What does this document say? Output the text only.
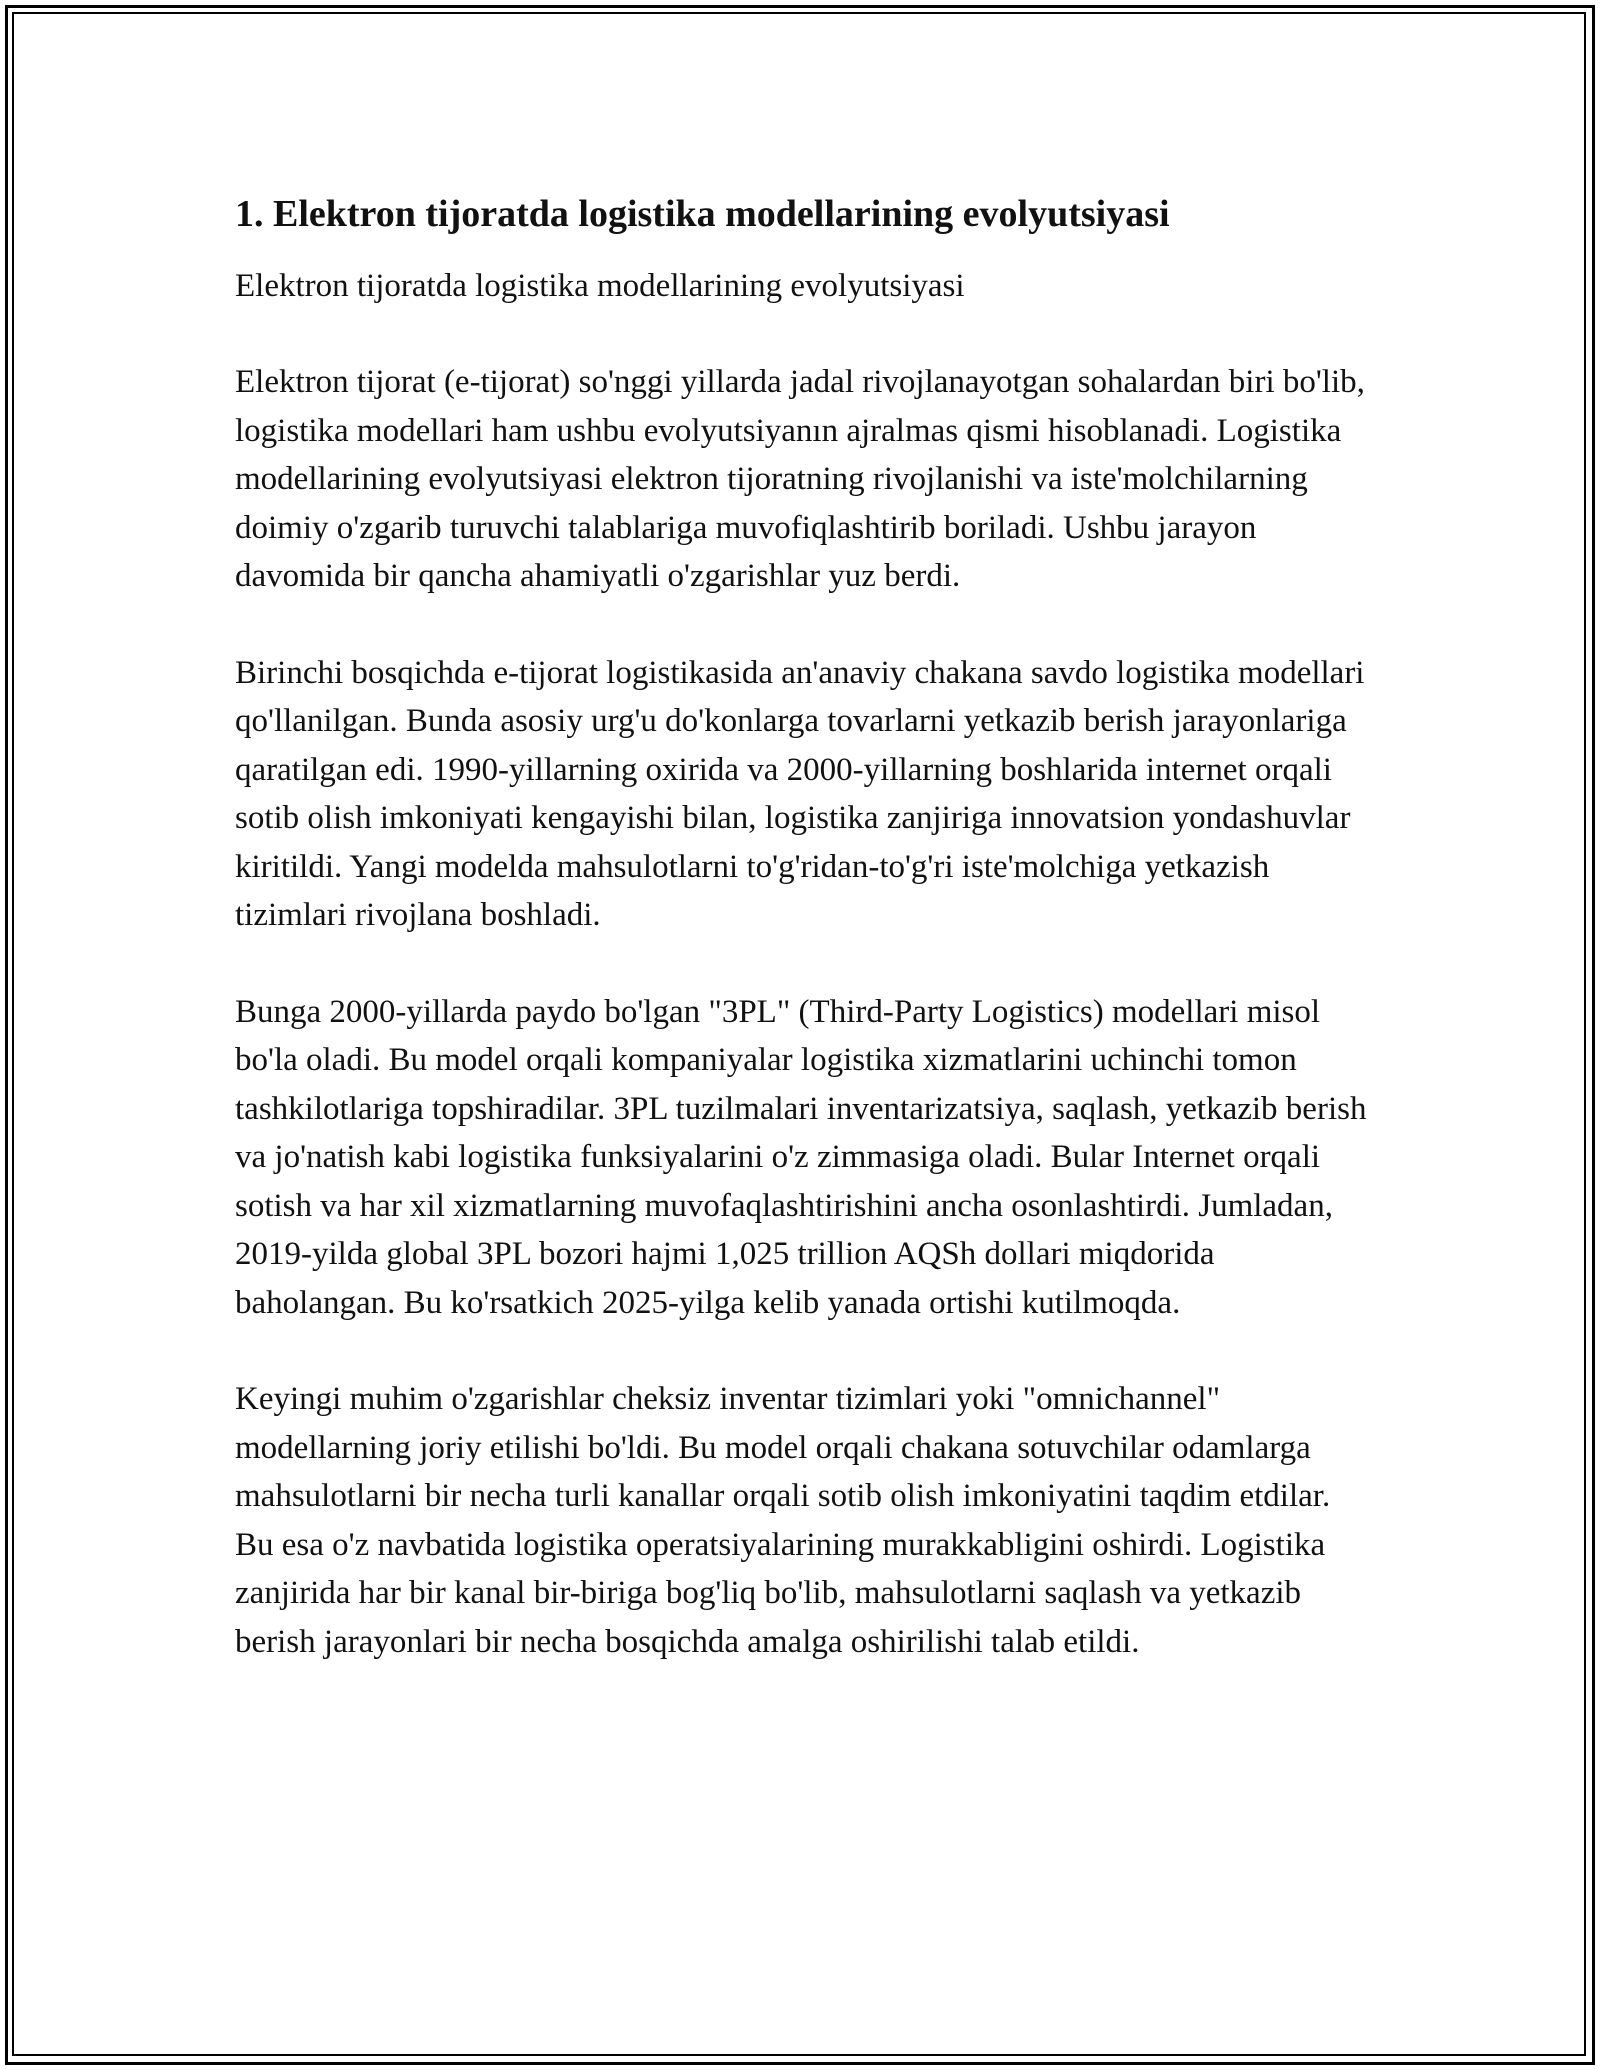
1. Elektron tijoratda logistika modellarining evolyutsiyasi

Elektron tijoratda logistika modellarining evolyutsiyasi

Elektron tijorat (e-tijorat) so'nggi yillarda jadal rivojlanayotgan sohalardan biri bo'lib, logistika modellari ham ushbu evolyutsiyanın ajralmas qismi hisoblanadi. Logistika modellarining evolyutsiyasi elektron tijoratning rivojlanishi va iste'molchilarning doimiy o'zgarib turuvchi talablariga muvofiqlashtirib boriladi. Ushbu jarayon davomida bir qancha ahamiyatli o'zgarishlar yuz berdi.

Birinchi bosqichda e-tijorat logistikasida an'anaviy chakana savdo logistika modellari qo'llanilgan. Bunda asosiy urg'u do'konlarga tovarlarni yetkazib berish jarayonlariga qaratilgan edi. 1990-yillarning oxirida va 2000-yillarning boshlarida internet orqali sotib olish imkoniyati kengayishi bilan, logistika zanjiriga innovatsion yondashuvlar kiritildi. Yangi modelda mahsulotlarni to'g'ridan-to'g'ri iste'molchiga yetkazish tizimlari rivojlana boshladi.

Bunga 2000-yillarda paydo bo'lgan "3PL" (Third-Party Logistics) modellari misol bo'la oladi. Bu model orqali kompaniyalar logistika xizmatlarini uchinchi tomon tashkilotlariga topshiradilar. 3PL tuzilmalari inventarizatsiya, saqlash, yetkazib berish va jo'natish kabi logistika funksiyalarini o'z zimmasiga oladi. Bular Internet orqali sotish va har xil xizmatlarning muvofaqlashtirishini ancha osonlashtirdi. Jumladan, 2019-yilda global 3PL bozori hajmi 1,025 trillion AQSh dollari miqdorida baholangan. Bu ko'rsatkich 2025-yilga kelib yanada ortishi kutilmoqda.

Keyingi muhim o'zgarishlar cheksiz inventar tizimlari yoki "omnichannel" modellarning joriy etilishi bo'ldi. Bu model orqali chakana sotuvchilar odamlarga mahsulotlarni bir necha turli kanallar orqali sotib olish imkoniyatini taqdim etdilar. Bu esa o'z navbatida logistika operatsiyalarining murakkabligini oshirdi. Logistika zanjirida har bir kanal bir-biriga bog'liq bo'lib, mahsulotlarni saqlash va yetkazib berish jarayonlari bir necha bosqichda amalga oshirilishi talab etildi.
